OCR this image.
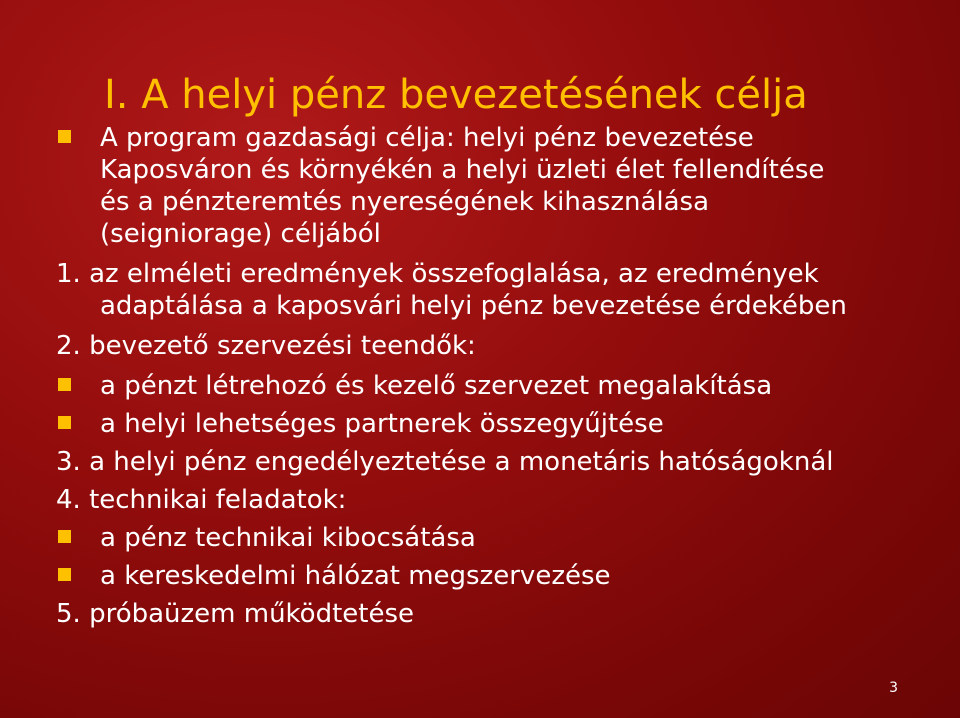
I. A helyi pénz bevezetésének célja
A program gazdasági célja: helyi pénz bevezetése
Kaposváron és környékén a helyi üzleti élet fellendítése
és a pénzteremtés nyereségének kihasználása
(seigniorage) céljából
1. az elméleti eredmények összefoglalása, az eredmények
adaptálása a kaposvári helyi pénz bevezetése érdekében
2. bevezető szervezési teendők:
a pénzt létrehozó és kezelő szervezet megalakítása
a helyi lehetséges partnerek összegyűjtése
3. a helyi pénz engedélyeztetése a monetáris hatóságoknál
4. technikai feladatok:
a pénz technikai kibocsátása
a kereskedelmi hálózat megszervezése
5. próbaüzem működtetése
3
